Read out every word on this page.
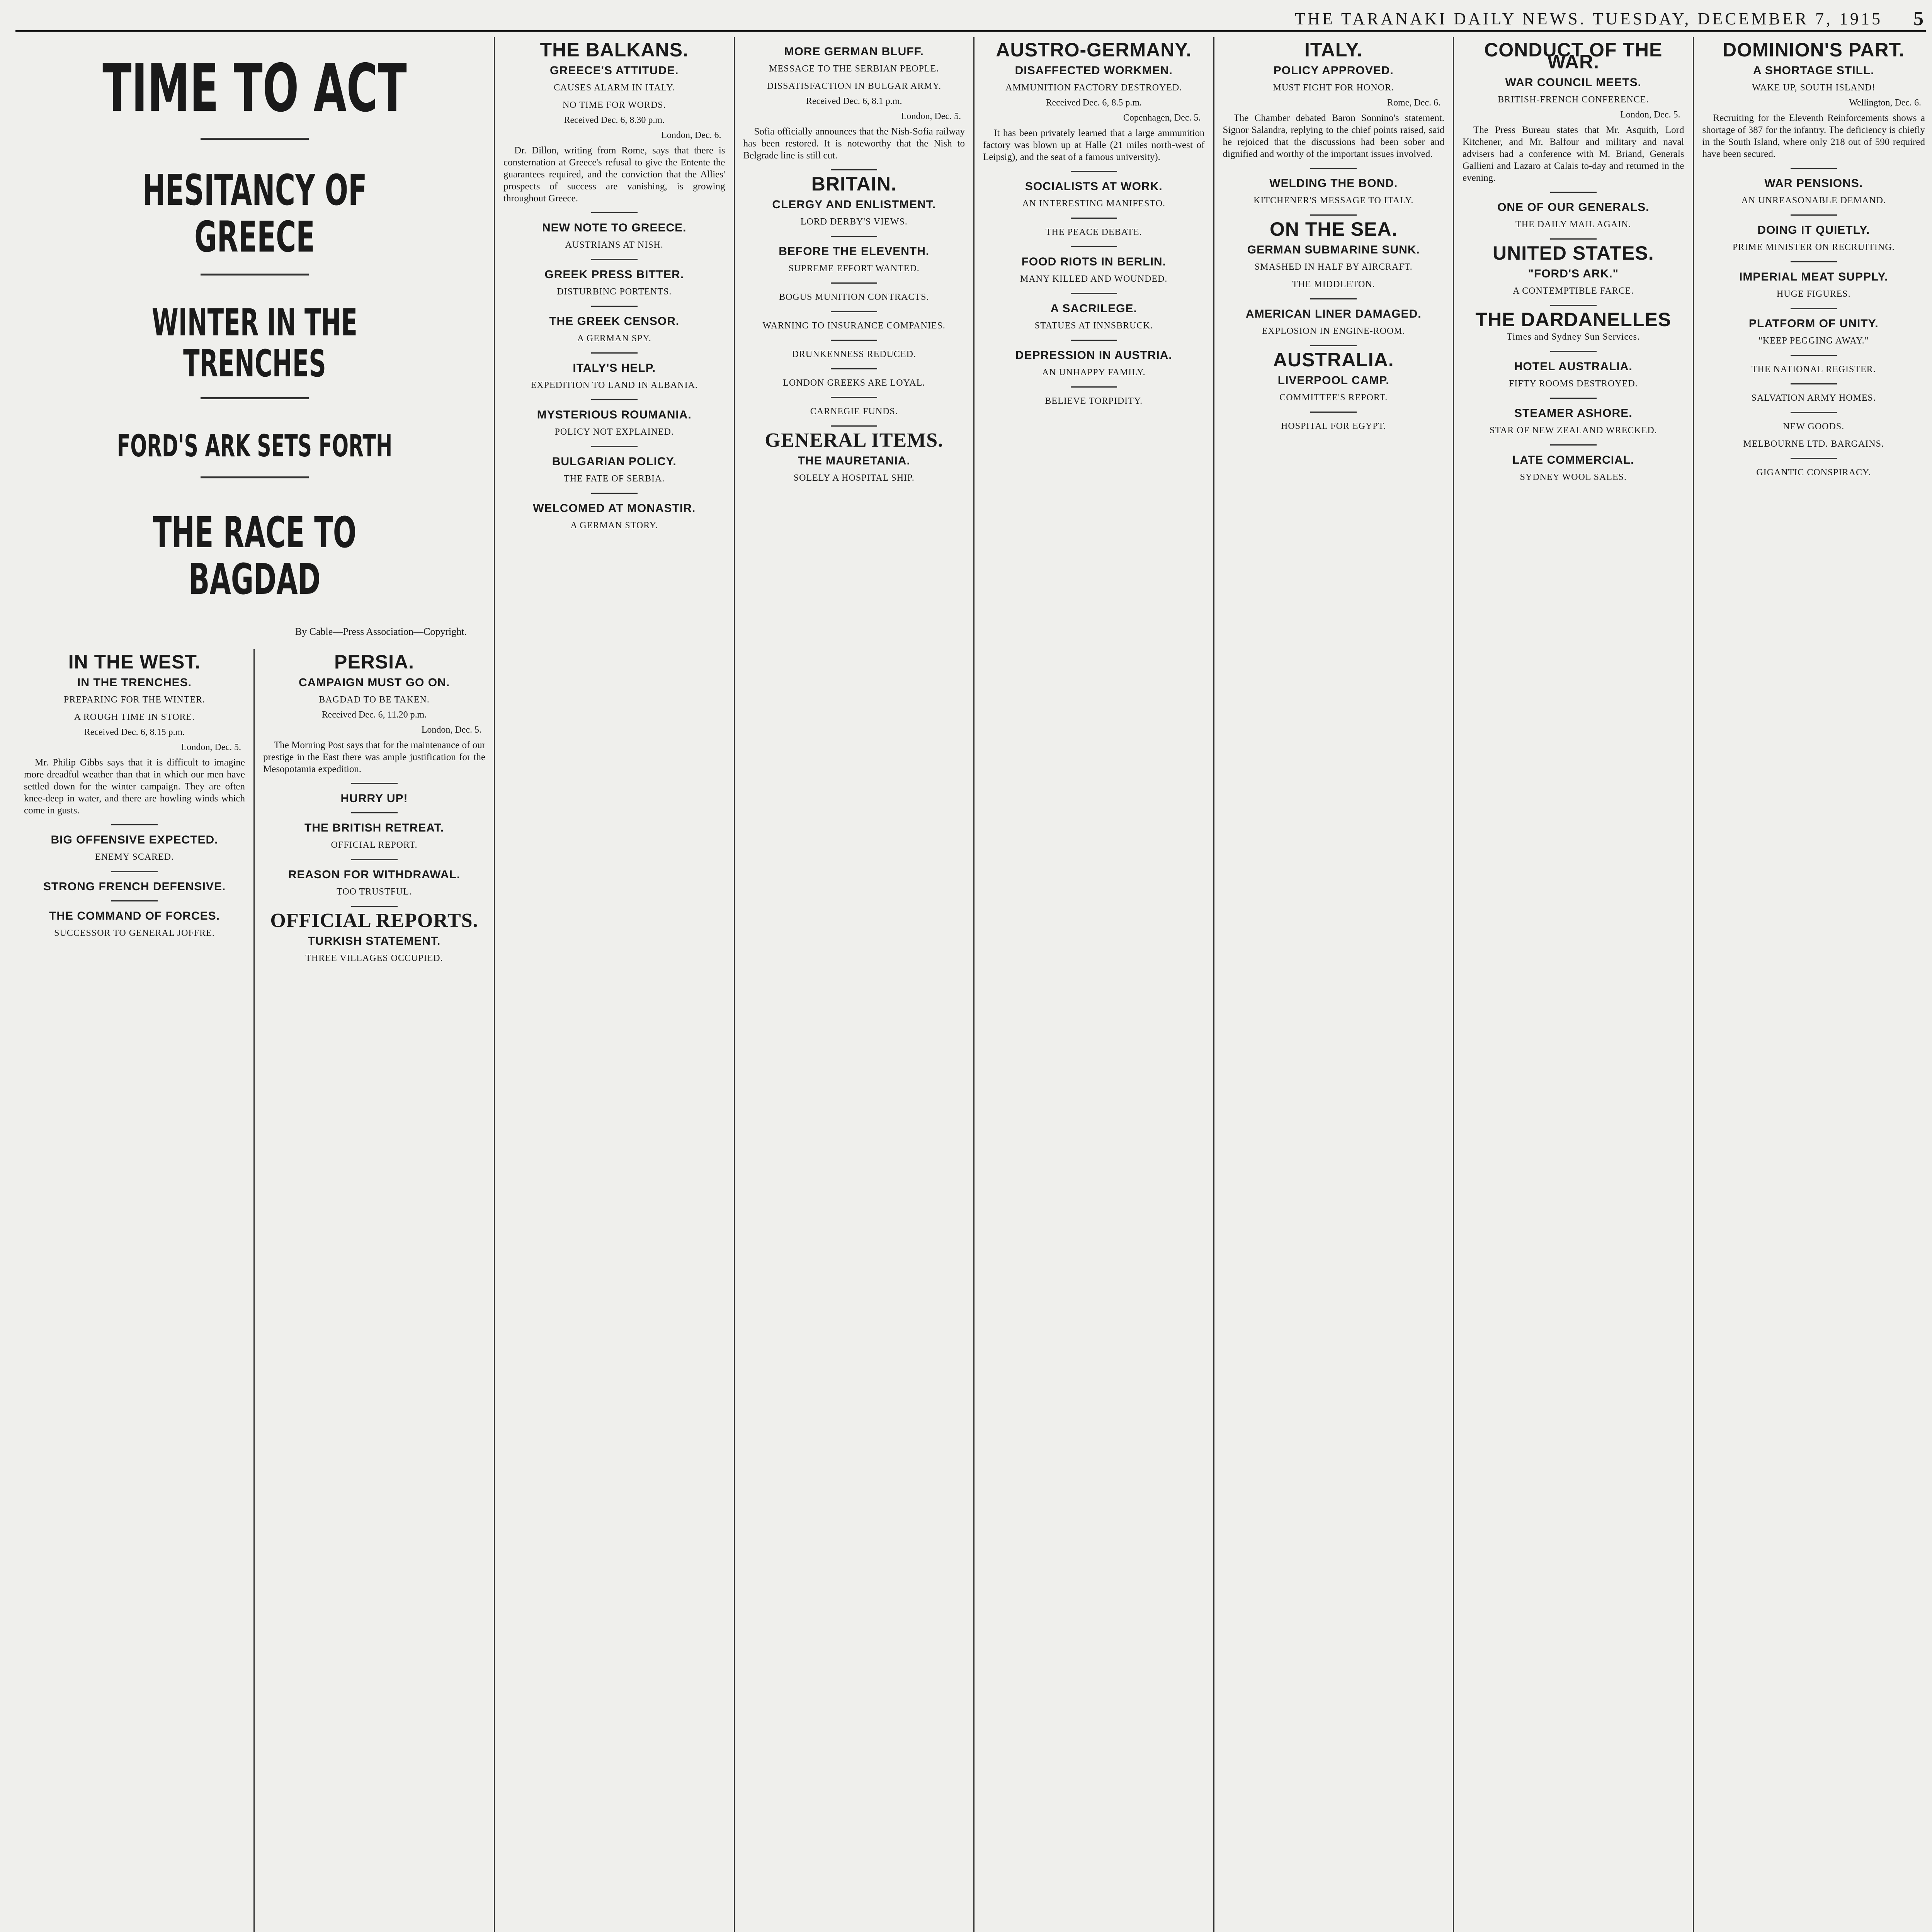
THE TARANAKI DAILY NEWS. TUESDAY, DECEMBER 7, 1915 5
TIME TO ACT
HESITANCY OF GREECE
WINTER IN THE TRENCHES
FORD'S ARK SETS FORTH
THE RACE TO BAGDAD
By Cable—Press Association—Copyright.
IN THE WEST.
IN THE TRENCHES.
PREPARING FOR THE WINTER.
A ROUGH TIME IN STORE.
Received Dec. 6, 8.15 p.m.
London, Dec. 5.

Mr. Philip Gibbs says that it is difficult to imagine more dreadful weather than that in which our men have settled down for the winter campaign. They are often knee-deep in water, and there are howling winds which come in gusts.

BIG OFFENSIVE EXPECTED.
ENEMY SCARED.
STRONG FRENCH DEFENSIVE.
THE COMMAND OF FORCES.
SUCCESSOR TO GENERAL JOFFRE.
PERSIA.
CAMPAIGN MUST GO ON.
BAGDAD TO BE TAKEN.
Received Dec. 6, 11.20 p.m.
London, Dec. 5.

The Morning Post says that for the maintenance of our prestige in the East there was ample justification for the Mesopotamia expedition.

HURRY UP!
THE BRITISH RETREAT.
OFFICIAL REPORT.
REASON FOR WITHDRAWAL.
TOO TRUSTFUL.
OFFICIAL REPORTS.
TURKISH STATEMENT.
THREE VILLAGES OCCUPIED.
THE BALKANS.
GREECE'S ATTITUDE.
CAUSES ALARM IN ITALY.
NO TIME FOR WORDS.
Received Dec. 6, 8.30 p.m.
London, Dec. 6.

Dr. Dillon, writing from Rome, says that there is consternation at Greece's refusal to give the Entente the guarantees required, and the conviction that the Allies' prospects of success are vanishing, is growing throughout Greece.

NEW NOTE TO GREECE.
AUSTRIANS AT NISH.
GREEK PRESS BITTER.
DISTURBING PORTENTS.
THE GREEK CENSOR.
A GERMAN SPY.
ITALY'S HELP.
EXPEDITION TO LAND IN ALBANIA.
MYSTERIOUS ROUMANIA.
POLICY NOT EXPLAINED.
BULGARIAN POLICY.
THE FATE OF SERBIA.
WELCOMED AT MONASTIR.
A GERMAN STORY.
MORE GERMAN BLUFF.
MESSAGE TO THE SERBIAN PEOPLE.
DISSATISFACTION IN BULGAR ARMY.
Received Dec. 6, 8.1 p.m.
London, Dec. 5.

Sofia officially announces that the Nish-Sofia railway has been restored. It is noteworthy that the Nish to Belgrade line is still cut.

BRITAIN.
CLERGY AND ENLISTMENT.
LORD DERBY'S VIEWS.
BEFORE THE ELEVENTH.
SUPREME EFFORT WANTED.
BOGUS MUNITION CONTRACTS.
WARNING TO INSURANCE COMPANIES.
DRUNKENNESS REDUCED.
LONDON GREEKS ARE LOYAL.
CARNEGIE FUNDS.
GENERAL ITEMS.
THE MAURETANIA.
SOLELY A HOSPITAL SHIP.
AUSTRO-GERMANY.
DISAFFECTED WORKMEN.
AMMUNITION FACTORY DESTROYED.
Received Dec. 6, 8.5 p.m.
Copenhagen, Dec. 5.

It has been privately learned that a large ammunition factory was blown up at Halle (21 miles north-west of Leipsig), and the seat of a famous university).

SOCIALISTS AT WORK.
AN INTERESTING MANIFESTO.
THE PEACE DEBATE.
FOOD RIOTS IN BERLIN.
MANY KILLED AND WOUNDED.
A SACRILEGE.
STATUES AT INNSBRUCK.
DEPRESSION IN AUSTRIA.
AN UNHAPPY FAMILY.
BELIEVE TORPIDITY.
ITALY.
POLICY APPROVED.
MUST FIGHT FOR HONOR.
Rome, Dec. 6.

The Chamber debated Baron Sonnino's statement. Signor Salandra, replying to the chief points raised, said he rejoiced that the discussions had been sober and dignified and worthy of the important issues involved.

WELDING THE BOND.
KITCHENER'S MESSAGE TO ITALY.
ON THE SEA.
GERMAN SUBMARINE SUNK.
SMASHED IN HALF BY AIRCRAFT.
THE MIDDLETON.
AMERICAN LINER DAMAGED.
EXPLOSION IN ENGINE-ROOM.
AUSTRALIA.
LIVERPOOL CAMP.
COMMITTEE'S REPORT.
HOSPITAL FOR EGYPT.
CONDUCT OF THE WAR.
WAR COUNCIL MEETS.
BRITISH-FRENCH CONFERENCE.
London, Dec. 5.

The Press Bureau states that Mr. Asquith, Lord Kitchener, and Mr. Balfour and military and naval advisers had a conference with M. Briand, Generals Gallieni and Lazaro at Calais to-day and returned in the evening.

ONE OF OUR GENERALS.
THE DAILY MAIL AGAIN.
UNITED STATES.
"FORD'S ARK."
A CONTEMPTIBLE FARCE.
THE DARDANELLES
Times and Sydney Sun Services.
HOTEL AUSTRALIA.
FIFTY ROOMS DESTROYED.
STEAMER ASHORE.
STAR OF NEW ZEALAND WRECKED.
LATE COMMERCIAL.
SYDNEY WOOL SALES.
DOMINION'S PART.
A SHORTAGE STILL.
WAKE UP, SOUTH ISLAND!
Wellington, Dec. 6.

Recruiting for the Eleventh Reinforcements shows a shortage of 387 for the infantry. The deficiency is chiefly in the South Island, where only 218 out of 590 required have been secured.

WAR PENSIONS.
AN UNREASONABLE DEMAND.
DOING IT QUIETLY.
PRIME MINISTER ON RECRUITING.
IMPERIAL MEAT SUPPLY.
HUGE FIGURES.
PLATFORM OF UNITY.
"KEEP PEGGING AWAY."
THE NATIONAL REGISTER.
SALVATION ARMY HOMES.
NEW GOODS.
MELBOURNE LTD. BARGAINS.
GIGANTIC CONSPIRACY.
